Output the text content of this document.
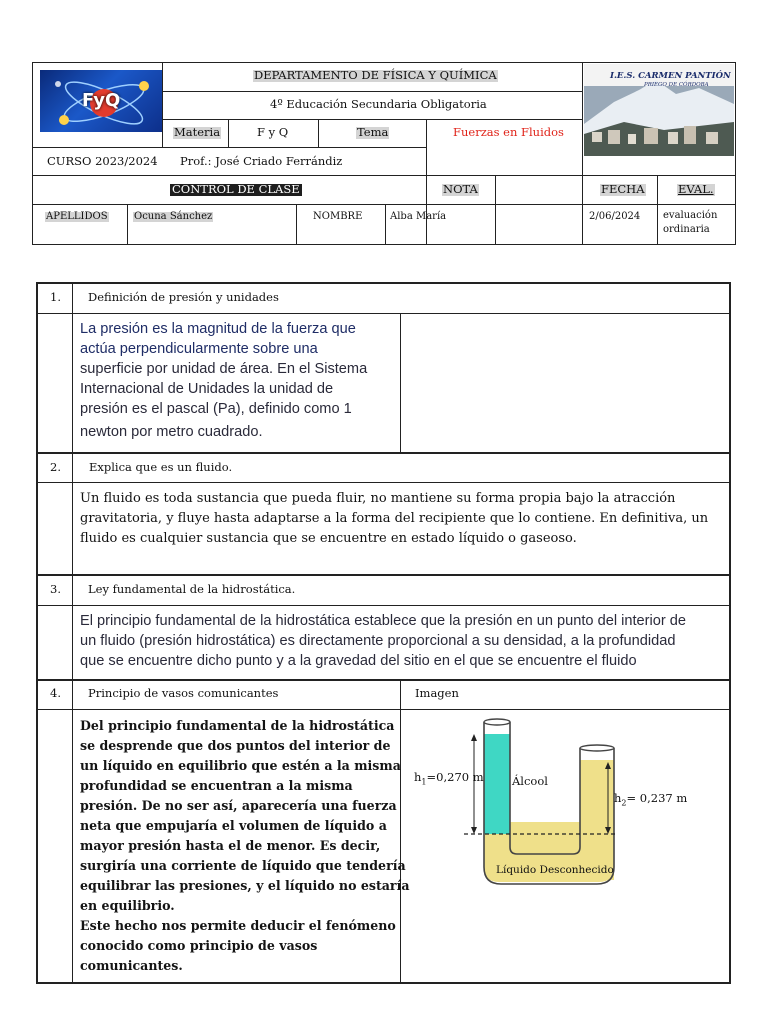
FyQ
I.E.S. CARMEN PANTIÓN
PRIEGO DE CÓRDOBA
DEPARTAMENTO DE FÍSICA Y QUÍMICA
4º Educación Secundaria Obligatoria
Materia	F y Q	Tema	Fuerzas en Fluidos
CURSO 2023/2024 Prof.: José Criado Ferrándiz
CONTROL DE CLASE	NOTA	FECHA	EVAL.
APELLIDOS	Ocuna Sánchez	NOMBRE	Alba María	2/06/2024 evaluación
ordinaria
1. Definición de presión y unidades
La presión es la magnitud de la fuerza que
actúa perpendicularmente sobre una
superficie por unidad de área. En el Sistema
Internacional de Unidades la unidad de
presión es el pascal (Pa), definido como 1
newton por metro cuadrado.
2. Explica que es un fluido.
Un fluido es toda sustancia que pueda fluir, no mantiene su forma propia bajo la atracción
gravitatoria, y fluye hasta adaptarse a la forma del recipiente que lo contiene. En definitiva, un
fluido es cualquier sustancia que se encuentre en estado líquido o gaseoso.
3. Ley fundamental de la hidrostática.
El principio fundamental de la hidrostática establece que la presión en un punto del interior de
un fluido (presión hidrostática) es directamente proporcional a su densidad, a la profundidad
que se encuentre dicho punto y a la gravedad del sitio en el que se encuentre el fluido
4. Principio de vasos comunicantes	Imagen
Del principio fundamental de la hidrostática
se desprende que dos puntos del interior de
un líquido en equilibrio que estén a la misma
profundidad se encuentran a la misma
presión. De no ser así, aparecería una fuerza
neta que empujaría el volumen de líquido a
mayor presión hasta el de menor. Es decir,
surgiría una corriente de líquido que tendería
equilibrar las presiones, y el líquido no estaría
en equilibrio.
Este hecho nos permite deducir el fenómeno
conocido como principio de vasos
comunicantes.
$h_1=0,270$ m
$h_2= 0,237$ m
Álcool
Líquido Desconhecido
